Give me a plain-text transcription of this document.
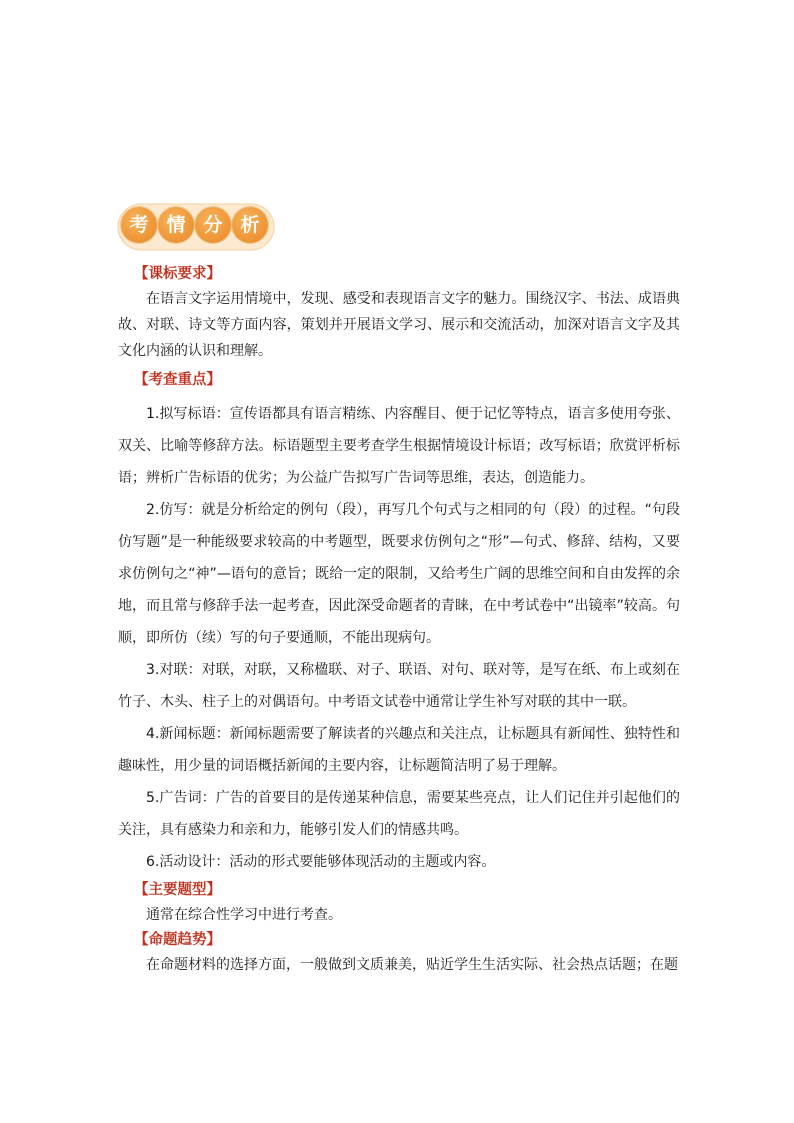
考 情 分 析
【课标要求】

在语言文字运用情境中，发现、感受和表现语言文字的魅力。围绕汉字、书法、成语典故、对联、诗文等方面内容，策划并开展语文学习、展示和交流活动，加深对语言文字及其文化内涵的认识和理解。

【考查重点】

1.拟写标语：宣传语都具有语言精练、内容醒目、便于记忆等特点，语言多使用夸张、双关、比喻等修辞方法。标语题型主要考查学生根据情境设计标语；改写标语；欣赏评析标语；辨析广告标语的优劣；为公益广告拟写广告词等思维，表达，创造能力。

2.仿写：就是分析给定的例句（段），再写几个句式与之相同的句（段）的过程。“句段仿写题”是一种能级要求较高的中考题型，既要求仿例句之“形”—句式、修辞、结构，又要求仿例句之“神”—语句的意旨；既给一定的限制，又给考生广阔的思维空间和自由发挥的余地，而且常与修辞手法一起考查，因此深受命题者的青睐，在中考试卷中“出镜率”较高。句顺，即所仿（续）写的句子要通顺，不能出现病句。

3.对联：对联，对联，又称楹联、对子、联语、对句、联对等，是写在纸、布上或刻在竹子、木头、柱子上的对偶语句。中考语文试卷中通常让学生补写对联的其中一联。

4.新闻标题：新闻标题需要了解读者的兴趣点和关注点，让标题具有新闻性、独特性和趣味性，用少量的词语概括新闻的主要内容，让标题简洁明了易于理解。

5.广告词：广告的首要目的是传递某种信息，需要某些亮点，让人们记住并引起他们的关注，具有感染力和亲和力，能够引发人们的情感共鸣。

6.活动设计：活动的形式要能够体现活动的主题或内容。

【主要题型】

通常在综合性学习中进行考查。

【命题趋势】

在命题材料的选择方面，一般做到文质兼美，贴近学生生活实际、社会热点话题；在题
